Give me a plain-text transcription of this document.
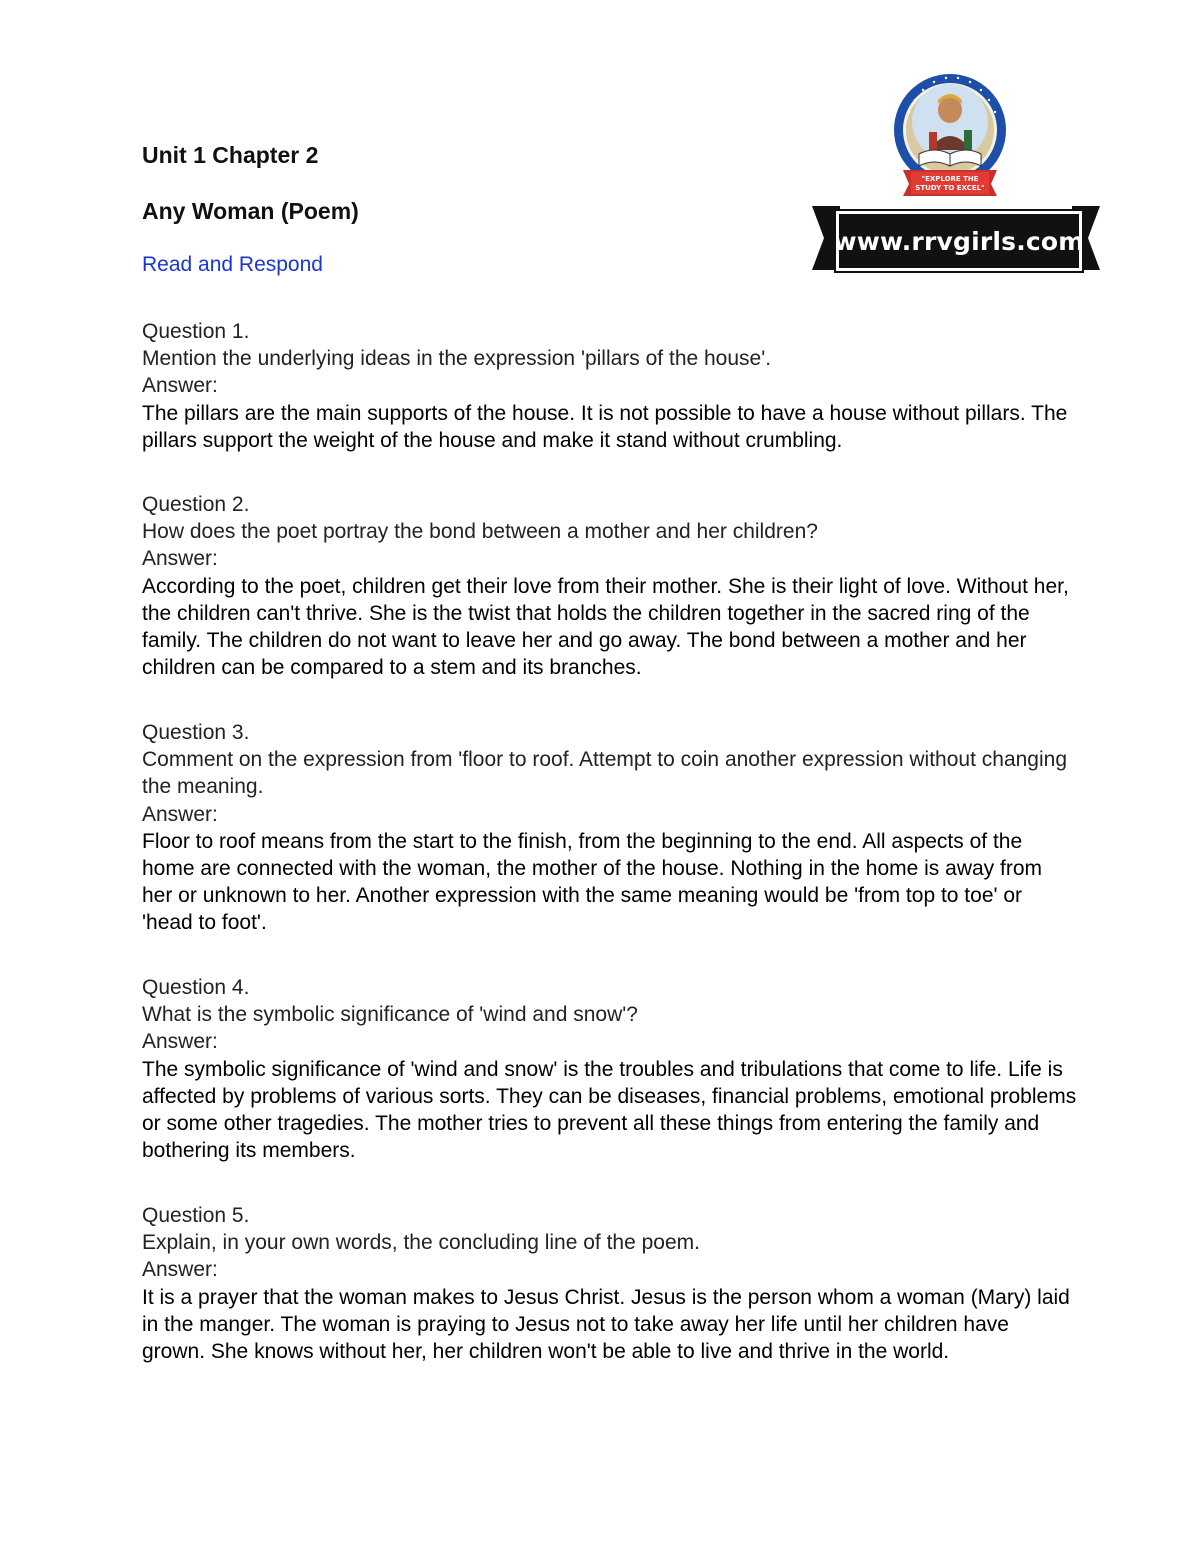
Unit 1 Chapter 2
Any Woman (Poem)
Read and Respond
"EXPLORE THE
STUDY TO EXCEL"
www.rrvgirls.com

Question 1.

Mention the underlying ideas in the expression 'pillars of the house'.

Answer:

The pillars are the main supports of the house. It is not possible to have a house without pillars. The pillars support the weight of the house and make it stand without crumbling.

Question 2.

How does the poet portray the bond between a mother and her children?

Answer:

According to the poet, children get their love from their mother. She is their light of love. Without her, the children can't thrive. She is the twist that holds the children together in the sacred ring of the family. The children do not want to leave her and go away. The bond between a mother and her children can be compared to a stem and its branches.

Question 3.

Comment on the expression from 'floor to roof. Attempt to coin another expression without changing the meaning.

Answer:

Floor to roof means from the start to the finish, from the beginning to the end. All aspects of the home are connected with the woman, the mother of the house. Nothing in the home is away from her or unknown to her. Another expression with the same meaning would be 'from top to toe' or 'head to foot'.

Question 4.

What is the symbolic significance of 'wind and snow'?

Answer:

The symbolic significance of 'wind and snow' is the troubles and tribulations that come to life. Life is affected by problems of various sorts. They can be diseases, financial problems, emotional problems or some other tragedies. The mother tries to prevent all these things from entering the family and bothering its members.

Question 5.

Explain, in your own words, the concluding line of the poem.

Answer:

It is a prayer that the woman makes to Jesus Christ. Jesus is the person whom a woman (Mary) laid in the manger. The woman is praying to Jesus not to take away her life until her children have grown. She knows without her, her children won't be able to live and thrive in the world.
